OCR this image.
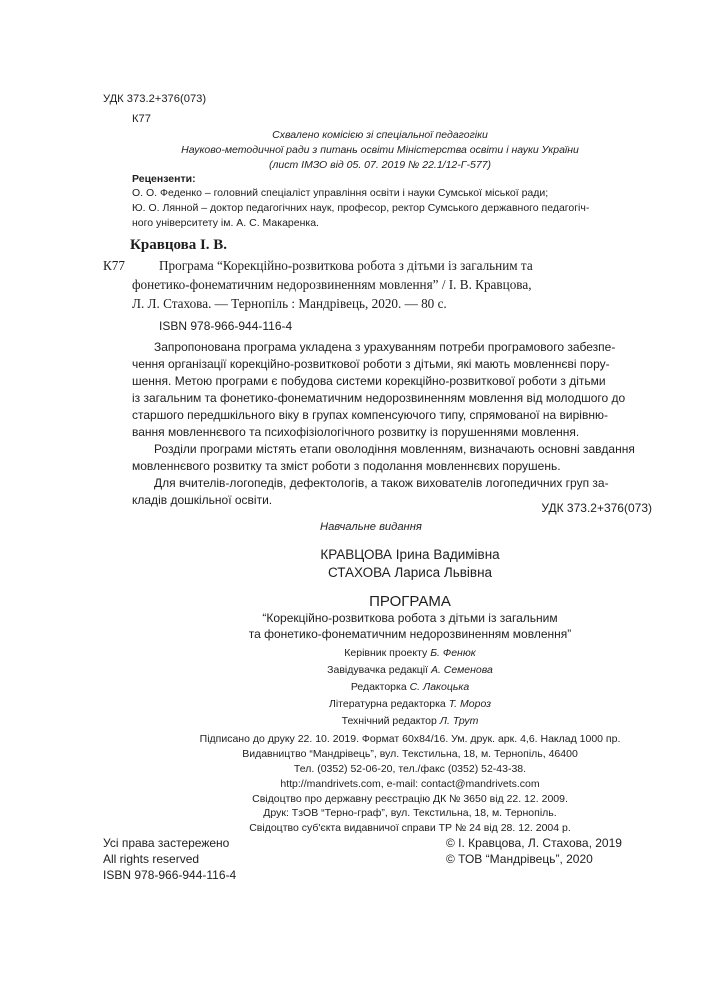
УДК 373.2+376(073)
К77
Схвалено комісією зі спеціальної педагогіки
Науково-методичної ради з питань освіти Міністерства освіти і науки України
(лист ІМЗО від 05. 07. 2019 № 22.1/12-Г-577)
Рецензенти:
О. О. Феденко – головний спеціаліст управління освіти і науки Сумської міської ради;
Ю. О. Лянной – доктор педагогічних наук, професор, ректор Сумського державного педагогіч-
ного університету ім. А. С. Макаренка.
Кравцова І. В.
К77	Програма “Корекційно-розвиткова робота з дітьми із загальним та
фонетико-фонематичним недорозвиненням мовлення” / І. В. Кравцова,
Л. Л. Стахова. — Тернопіль : Мандрівець, 2020. — 80 с.
ISBN 978-966-944-116-4
Запропонована програма укладена з урахуванням потреби програмового забезпе-
чення організації корекційно-розвиткової роботи з дітьми, які мають мовленнєві пору-
шення. Метою програми є побудова системи корекційно-розвиткової роботи з дітьми
із загальним та фонетико-фонематичним недорозвиненням мовлення від молодшого до
старшого передшкільного віку в групах компенсуючого типу, спрямованої на вирівню-
вання мовленнєвого та психофізіологічного розвитку із порушеннями мовлення.
Розділи програми містять етапи оволодіння мовленням, визначають основні завдання
мовленнєвого розвитку та зміст роботи з подолання мовленнєвих порушень.
Для вчителів-логопедів, дефектологів, а також вихователів логопедичних груп за-
кладів дошкільної освіти.
УДК 373.2+376(073)
Навчальне видання
КРАВЦОВА Ірина Вадимівна
СТАХОВА Лариса Львівна
ПРОГРАМА
“Корекційно-розвиткова робота з дітьми із загальним
та фонетико-фонематичним недорозвиненням мовлення”
Керівник проекту Б. Фенюк
Завідувачка редакції А. Семенова
Редакторка С. Лакоцька
Літературна редакторка Т. Мороз
Технічний редактор Л. Трут
Підписано до друку 22. 10. 2019. Формат 60x84/16. Ум. друк. арк. 4,6. Наклад 1000 пр.
Видавництво “Мандрівець”, вул. Текстильна, 18, м. Тернопіль, 46400
Тел. (0352) 52-06-20, тел./факс (0352) 52-43-38.
http://mandrivets.com, e-mail: contact@mandrivets.com
Свідоцтво про державну реєстрацію ДК № 3650 від 22. 12. 2009.
Друк: ТзОВ “Терно-граф”, вул. Текстильна, 18, м. Тернопіль.
Свідоцтво суб'єкта видавничої справи ТР № 24 від 28. 12. 2004 р.
Усі права застережено
All rights reserved
ISBN 978-966-944-116-4
© І. Кравцова, Л. Стахова, 2019
© ТОВ “Мандрівець”, 2020
